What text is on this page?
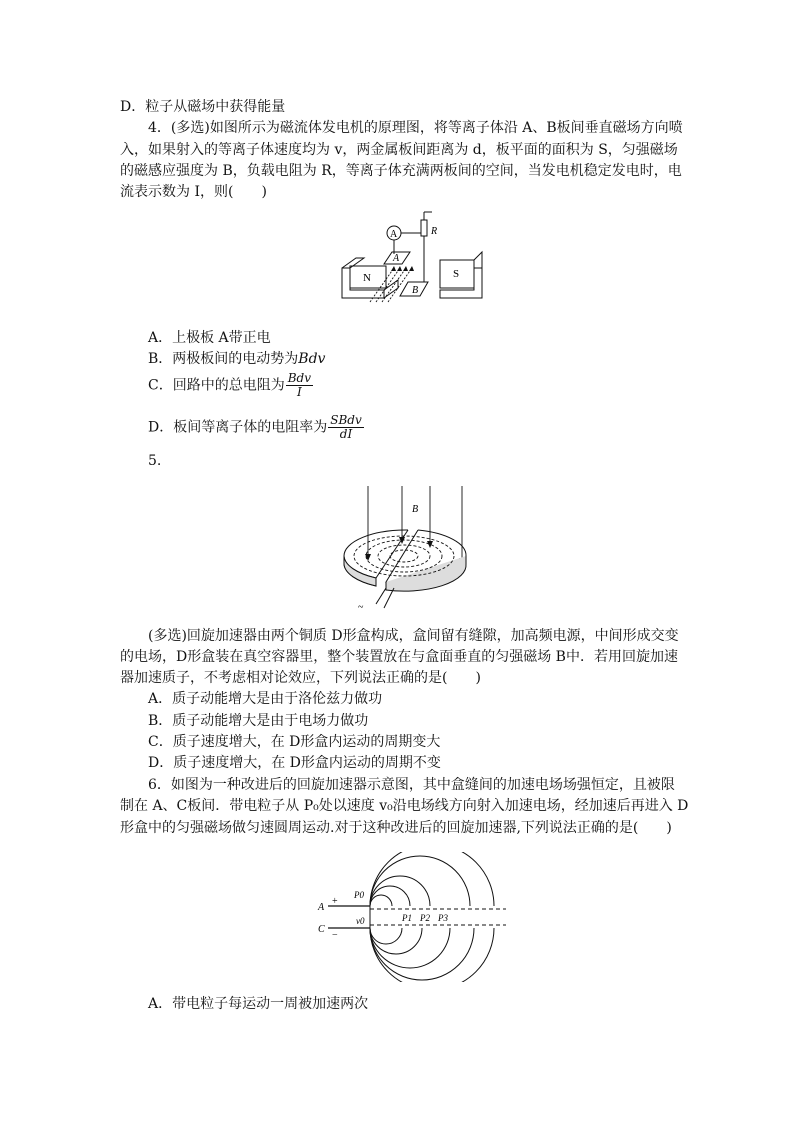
D．粒子从磁场中获得能量
4．(多选)如图所示为磁流体发电机的原理图，将等离子体沿 A、B板间垂直磁场方向喷
入，如果射入的等离子体速度均为 v，两金属板间距离为 d，板平面的面积为 S，匀强磁场
的磁感应强度为 B，负载电阻为 R，等离子体充满两板间的空间，当发电机稳定发电时，电
流表示数为 I，则(　　)
N	S
A
B
A	R
A．上极板 A带正电
B．两极板间的电动势为Bdv
C．回路中的总电阻为 $\frac{\text{Bdv}}{I}$
D．板间等离子体的电阻率为 $\frac{\text{SBdv}}{dI}$
5.
B
~
(多选)回旋加速器由两个铜质 D形盒构成，盒间留有缝隙，加高频电源，中间形成交变
的电场，D形盒装在真空容器里，整个装置放在与盒面垂直的匀强磁场 B中．若用回旋加速
器加速质子，不考虑相对论效应，下列说法正确的是(　　)
A．质子动能增大是由于洛伦兹力做功
B．质子动能增大是由于电场力做功
C．质子速度增大，在 D形盒内运动的周期变大
D．质子速度增大，在 D形盒内运动的周期不变
6．如图为一种改进后的回旋加速器示意图，其中盒缝间的加速电场场强恒定，且被限
制在 A、C板间．带电粒子从 P₀处以速度 v₀沿电场线方向射入加速电场，经加速后再进入 D
形盒中的匀强磁场做匀速圆周运动.对于这种改进后的回旋加速器,下列说法正确的是(　　)
A
C
+
−
P0
v0	P1 P2 P3
A．带电粒子每运动一周被加速两次
